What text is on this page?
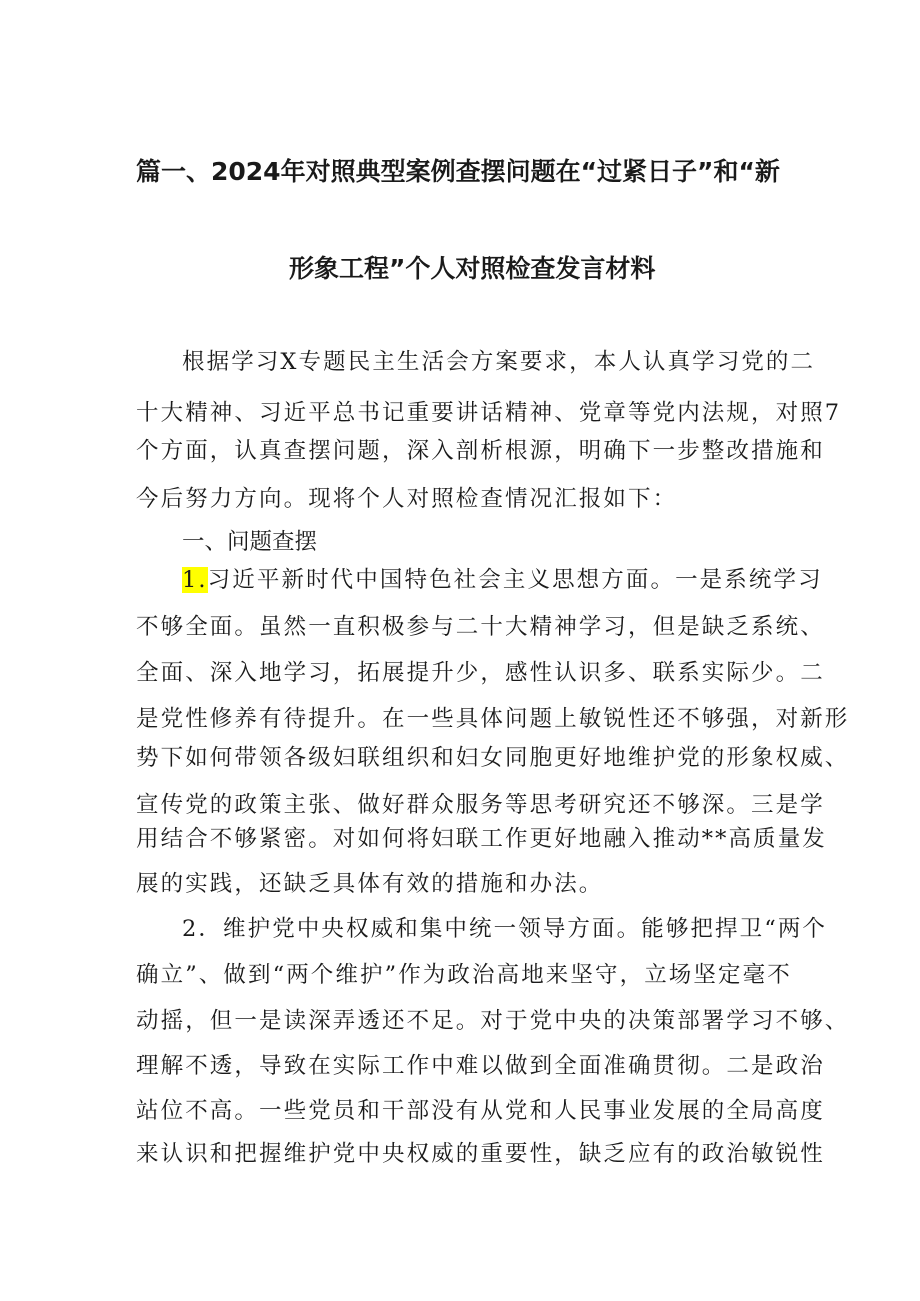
篇一、2024年对照典型案例查摆问题在“过紧日子”和“新
形象工程”个人对照检查发言材料
根据学习X专题民主生活会方案要求，本人认真学习党的二
十大精神、习近平总书记重要讲话精神、党章等党内法规，对照7
个方面，认真查摆问题，深入剖析根源，明确下一步整改措施和
今后努力方向。现将个人对照检查情况汇报如下：
一、问题查摆
1.习近平新时代中国特色社会主义思想方面。一是系统学习
不够全面。虽然一直积极参与二十大精神学习，但是缺乏系统、
全面、深入地学习，拓展提升少，感性认识多、联系实际少。二
是党性修养有待提升。在一些具体问题上敏锐性还不够强，对新形
势下如何带领各级妇联组织和妇女同胞更好地维护党的形象权威、
宣传党的政策主张、做好群众服务等思考研究还不够深。三是学
用结合不够紧密。对如何将妇联工作更好地融入推动**高质量发
展的实践，还缺乏具体有效的措施和办法。
2．维护党中央权威和集中统一领导方面。能够把捍卫“两个
确立”、做到“两个维护”作为政治高地来坚守，立场坚定毫不
动摇，但一是读深弄透还不足。对于党中央的决策部署学习不够、
理解不透，导致在实际工作中难以做到全面准确贯彻。二是政治
站位不高。一些党员和干部没有从党和人民事业发展的全局高度
来认识和把握维护党中央权威的重要性，缺乏应有的政治敏锐性
